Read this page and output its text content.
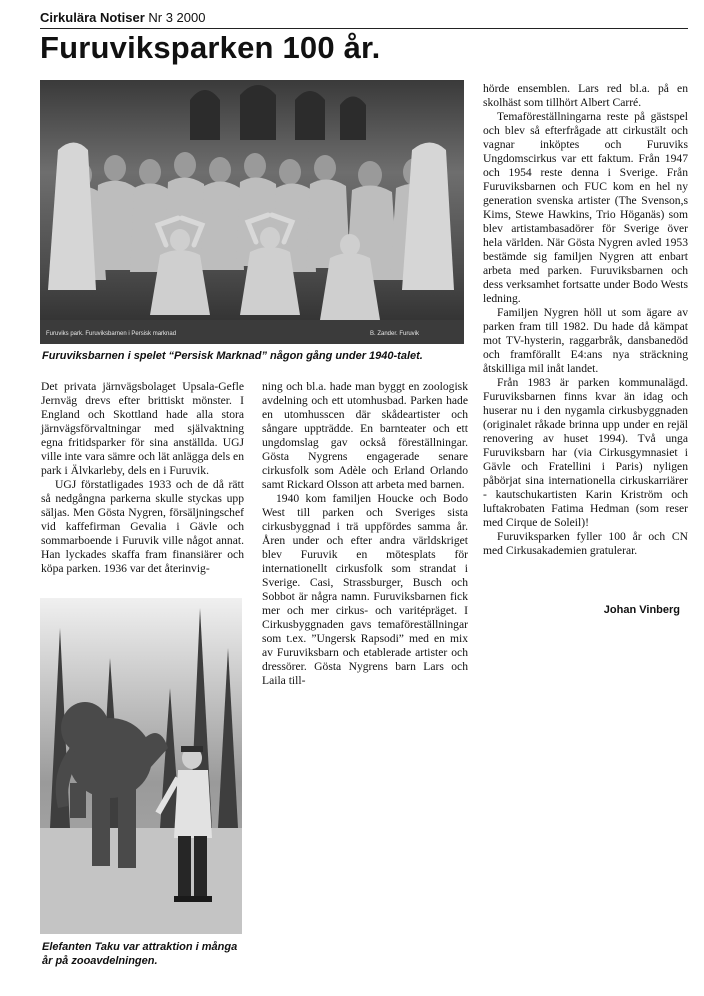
Cirkulära Notiser Nr 3 2000
Furuviksparken 100 år.
Furuviks park. Furuviksbarnen i Persisk marknad	B. Zander. Furuvik
Furuviksbarnen i spelet “Persisk Marknad” någon gång under 1940-talet.

Det privata järnvägsbolaget Upsala-Gefle Jernväg drevs efter brittiskt mönster. I England och Skottland hade alla stora järnvägsförvaltningar med självaktning egna fritidsparker för sina anställda. UGJ ville inte vara sämre och lät anlägga dels en park i Älvkarleby, dels en i Furuvik.

UGJ förstatligades 1933 och de då rätt så nedgångna parkerna skulle styckas upp säljas. Men Gösta Nygren, försäljningschef vid kaffefirman Gevalia i Gävle och sommarboende i Furuvik ville något annat. Han lyckades skaffa fram finansiärer och köpa parken. 1936 var det återinvig-

Elefanten Taku var attraktion i många år på zooavdelningen.

ning och bl.a. hade man byggt en zoologisk avdelning och ett utomhusbad. Parken hade en utomhusscen där skådeartister och sångare uppträdde. En barnteater och ett ungdomslag gav också föreställningar. Gösta Nygrens engagerade senare cirkusfolk som Adèle och Erland Orlando samt Rickard Olsson att arbeta med barnen.

1940 kom familjen Houcke och Bodo West till parken och Sveriges sista cirkusbyggnad i trä uppfördes samma år. Åren under och efter andra världskriget blev Furuvik en mötesplats för internationellt cirkusfolk som strandat i Sverige. Casi, Strassburger, Busch och Sobbot är några namn. Furuviksbarnen fick mer och mer cirkus- och varitépräget. I Cirkusbyggnaden gavs temaföreställningar som t.ex. ”Ungersk Rapsodi” med en mix av Furuviksbarn och etablerade artister och dressörer. Gösta Nygrens barn Lars och Laila till-

hörde ensemblen. Lars red bl.a. på en skolhäst som tillhört Albert Carré.

Temaföreställningarna reste på gästspel och blev så efterfrågade att cirkustält och vagnar inköptes och Furuviks Ungdomscirkus var ett faktum. Från 1947 och 1954 reste denna i Sverige. Från Furuviksbarnen och FUC kom en hel ny generation svenska artister (The Svenson,s Kims, Stewe Hawkins, Trio Höganäs) som blev artistambasadörer för Sverige över hela världen. När Gösta Nygren avled 1953 bestämde sig familjen Nygren att enbart arbeta med parken. Furuviksbarnen och dess verksamhet fortsatte under Bodo Wests ledning.

Familjen Nygren höll ut som ägare av parken fram till 1982. Du hade då kämpat mot TV-hysterin, raggarbråk, dansbanedöd och framförallt E4:ans nya sträckning åtskilliga mil inåt landet.

Från 1983 är parken kommunalägd. Furuviksbarnen finns kvar än idag och huserar nu i den nygamla cirkusbyggnaden (originalet råkade brinna upp under en rejäl renovering av huset 1994). Två unga Furuviksbarn har (via Cirkusgymnasiet i Gävle och Fratellini i Paris) nyligen påbörjat sina internationella cirkuskarriärer - kautschukartisten Karin Kriström och luftakrobaten Fatima Hedman (som reser med Cirque de Soleil)!

Furuviksparken fyller 100 år och CN med Cirkusakademien gratulerar.

Johan Vinberg
